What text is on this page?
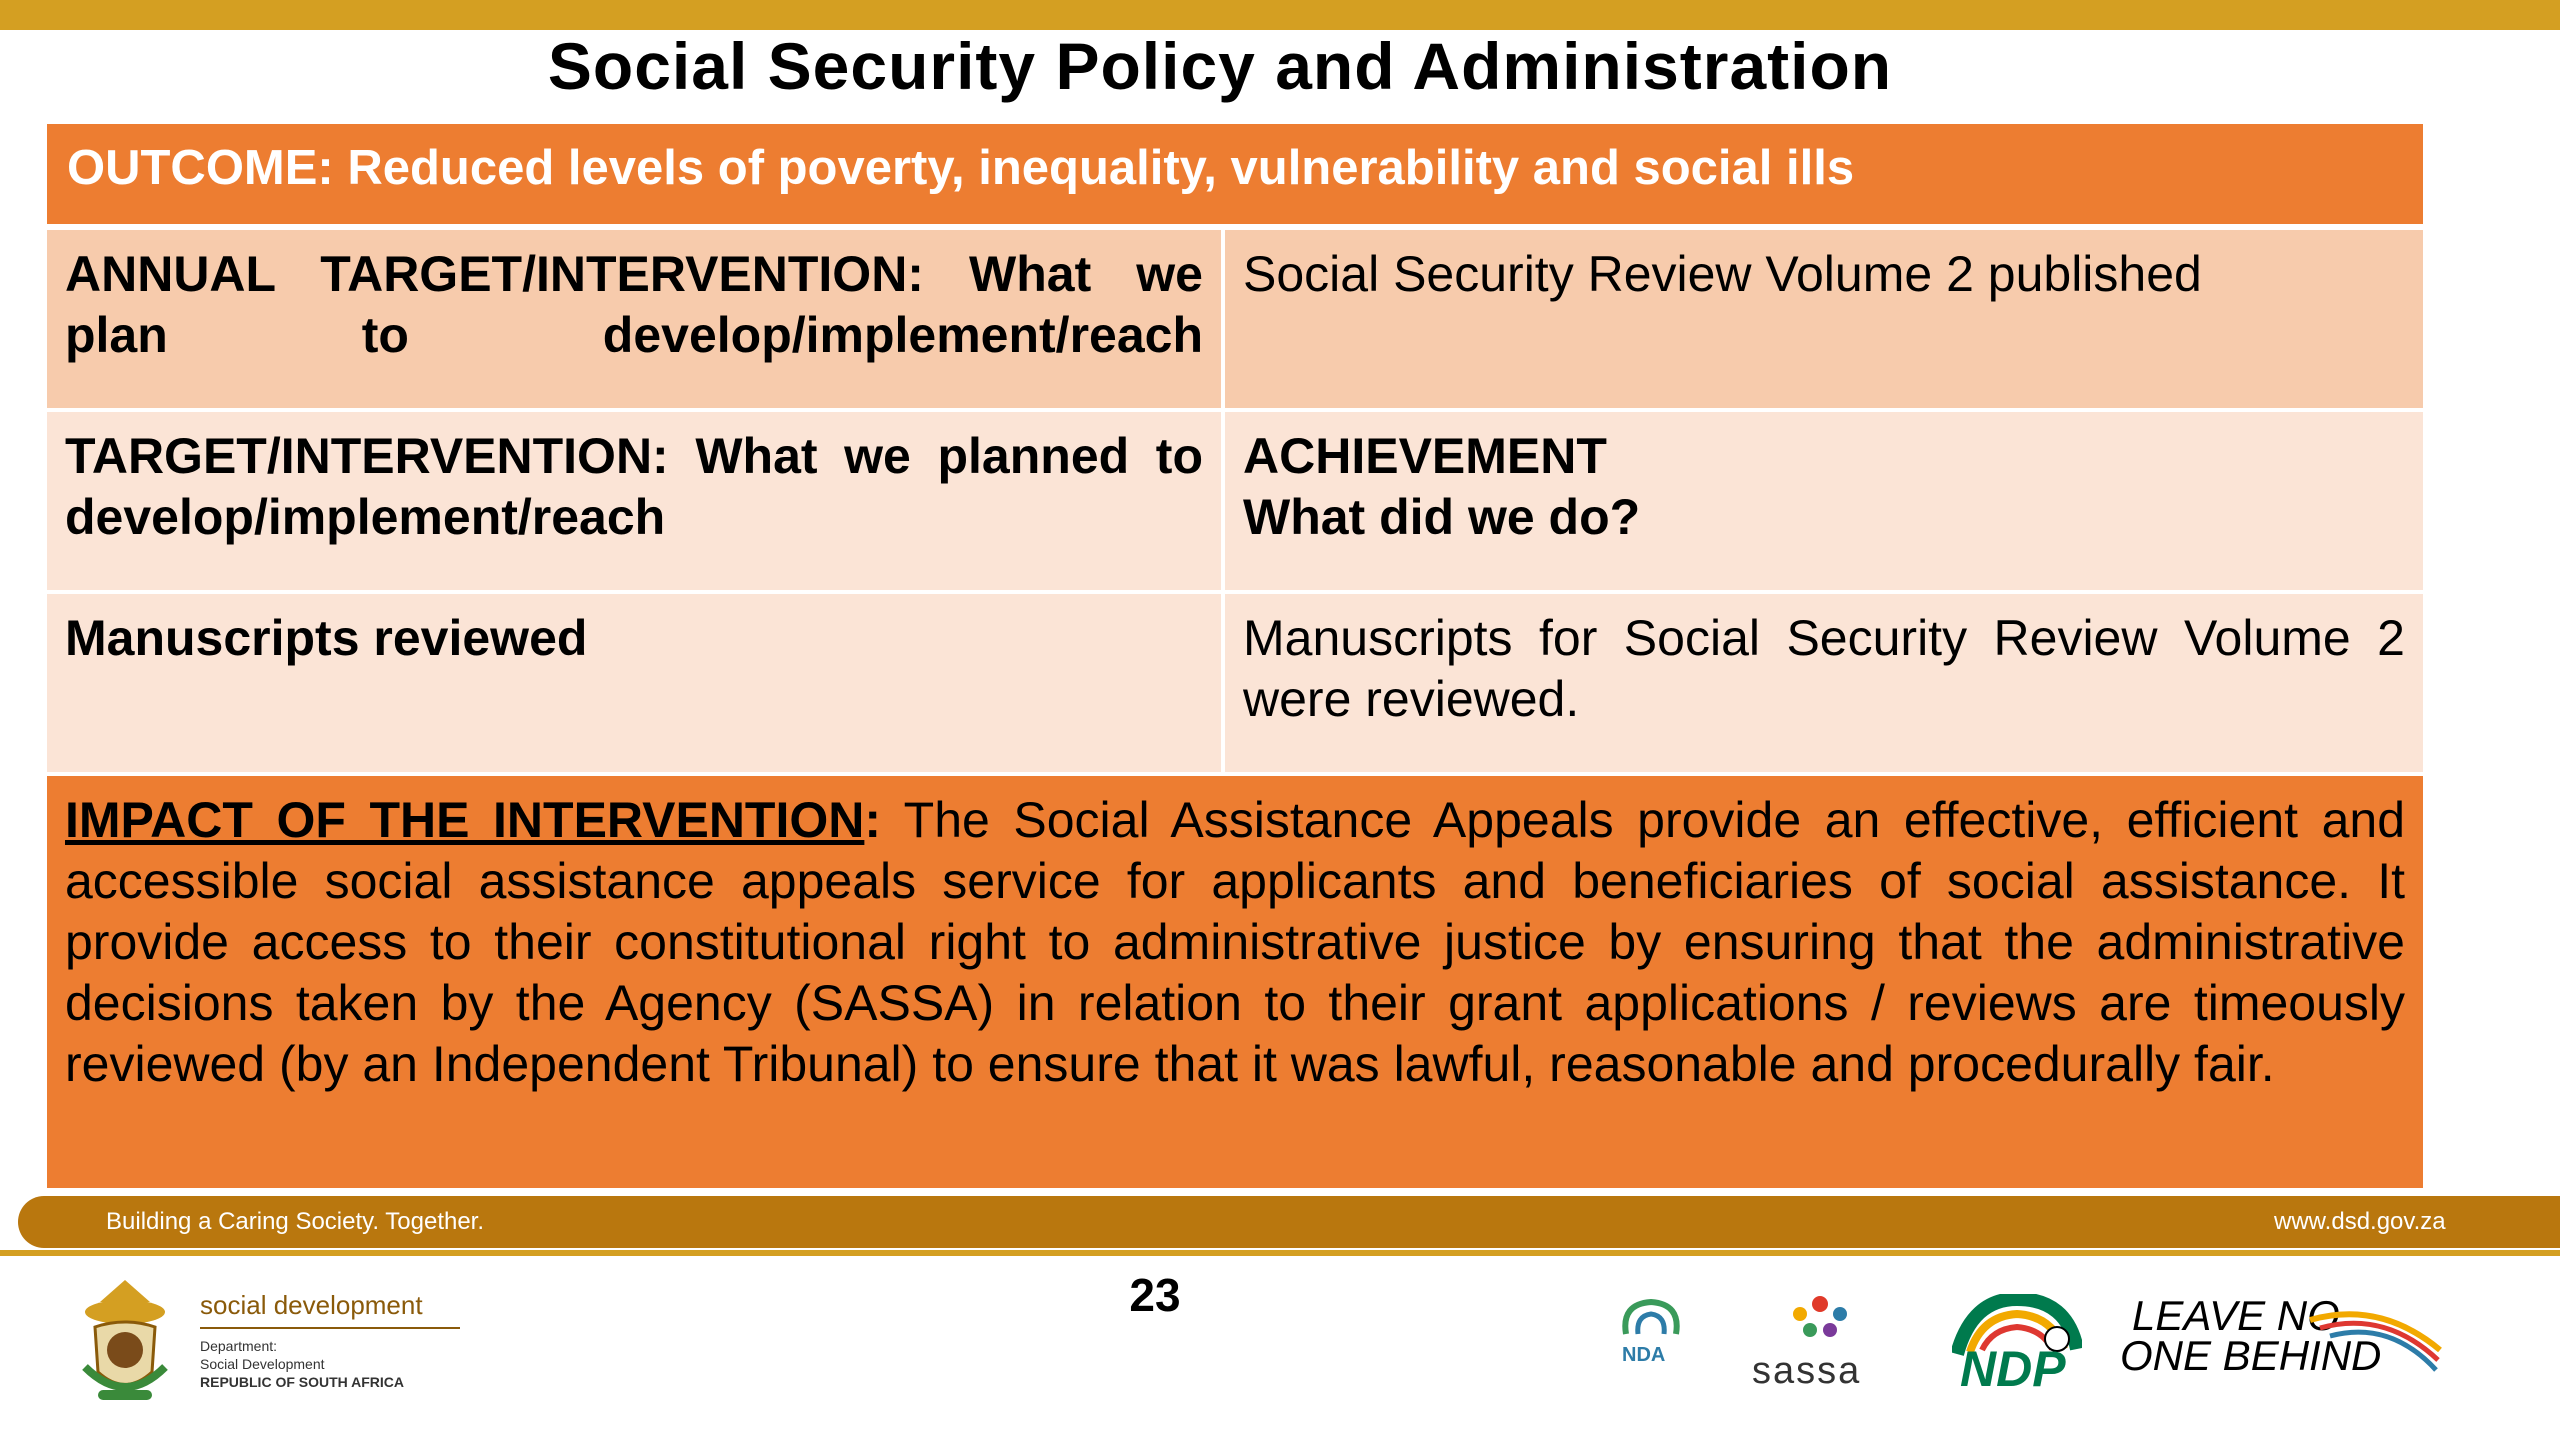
Social Security Policy and Administration
OUTCOME: Reduced levels of poverty, inequality, vulnerability and social ills
ANNUAL TARGET/INTERVENTION: What we plan to develop/implement/reach
Social Security Review Volume 2 published
TARGET/INTERVENTION: What we planned to develop/implement/reach
ACHIEVEMENT
What did we do?
Manuscripts reviewed	Manuscripts for Social Security Review Volume 2 were reviewed.
IMPACT OF THE INTERVENTION: The Social Assistance Appeals provide an effective, efficient and accessible social assistance appeals service for applicants and beneficiaries of social assistance. It provide access to their constitutional right to administrative justice by ensuring that the administrative decisions taken by the Agency (SASSA) in relation to their grant applications / reviews are timeously reviewed (by an Independent Tribunal) to ensure that it was lawful, reasonable and procedurally fair.
Building a Caring Society. Together.	www.dsd.gov.za
23
social development
Department:
Social Development
REPUBLIC OF SOUTH AFRICA
NDA sassa NDP
LEAVE NO
ONE BEHIND
